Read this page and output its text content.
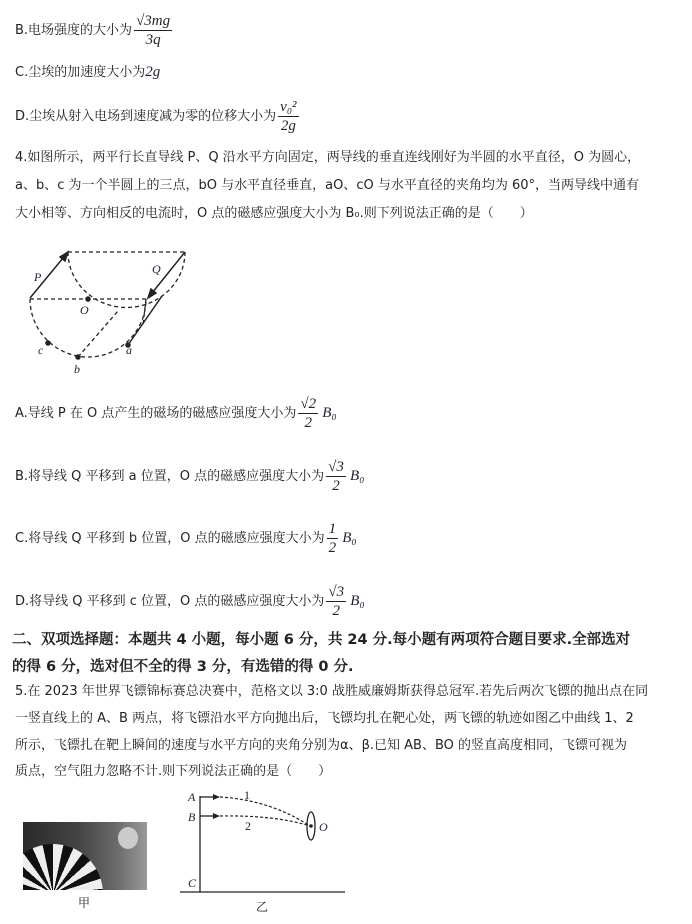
B.电场强度的大小为 $\frac{√3mg}{3q}$
C.尘埃的加速度大小为2g
D.尘埃从射入电场到速度减为零的位移大小为 $\frac{\text{v₀²}}{2g}$
4.如图所示，两平行长直导线 P、Q 沿水平方向固定，两导线的垂直连线刚好为半圆的水平直径，O 为圆心，
a、b、c 为一个半圆上的三点，bO 与水平直径垂直，aO、cO 与水平直径的夹角均为 60°，当两导线中通有
大小相等、方向相反的电流时，O 点的磁感应强度大小为 B₀.则下列说法正确的是（　　）
P
Q
O
c
b
a
A.导线 P 在 O 点产生的磁场的磁感应强度大小为 $\frac{√2}{2} B_0$
B.将导线 Q 平移到 a 位置，O 点的磁感应强度大小为 $\frac{√3}{2} B_0$
C.将导线 Q 平移到 b 位置，O 点的磁感应强度大小为 $\frac{1}{2} B_0$
D.将导线 Q 平移到 c 位置，O 点的磁感应强度大小为 $\frac{√3}{2} B_0$
二、双项选择题：本题共 4 小题，每小题 6 分，共 24 分.每小题有两项符合题目要求.全部选对
的得 6 分，选对但不全的得 3 分，有选错的得 0 分.
5.在 2023 年世界飞镖锦标赛总决赛中，范格文以 3:0 战胜威廉姆斯获得总冠军.若先后两次飞镖的抛出点在同
一竖直线上的 A、B 两点，将飞镖沿水平方向抛出后，飞镖均扎在靶心处，两飞镖的轨迹如图乙中曲线 1、2
所示，飞镖扎在靶上瞬间的速度与水平方向的夹角分别为α、β.已知 AB、BO 的竖直高度相同，飞镖可视为
质点，空气阻力忽略不计.则下列说法正确的是（　　）
甲
A
B
C
O
1
2
乙
